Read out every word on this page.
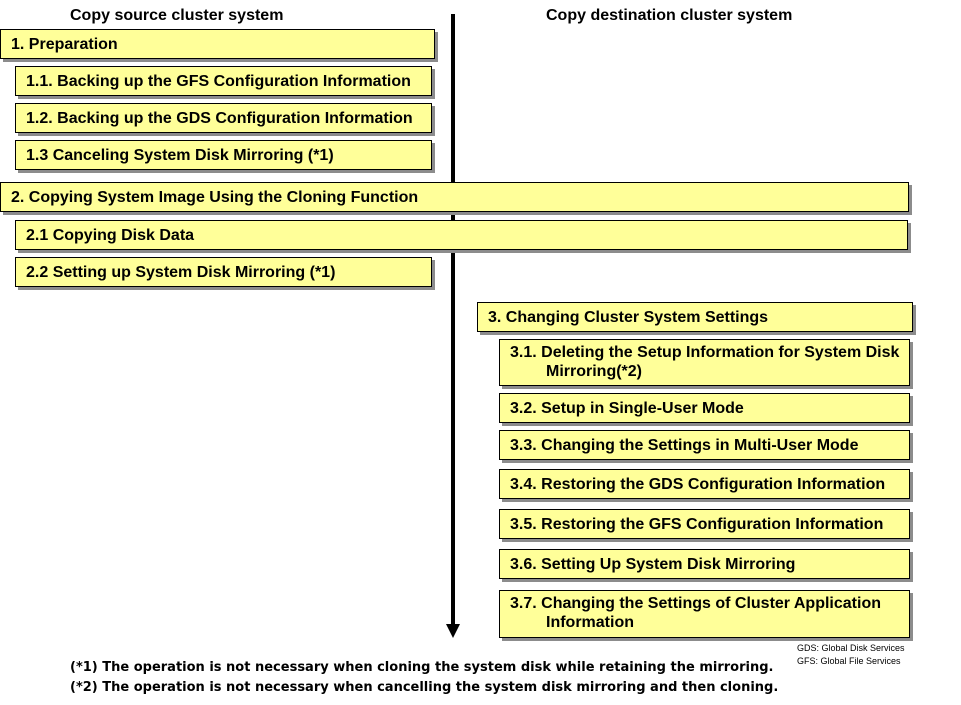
Copy source cluster system	Copy destination cluster system
1. Preparation
1.1. Backing up the GFS Configuration Information
1.2. Backing up the GDS Configuration Information
1.3 Canceling System Disk Mirroring (*1)
2. Copying System Image Using the Cloning Function
2.1 Copying Disk Data
2.2 Setting up System Disk Mirroring (*1)
3. Changing Cluster System Settings
3.1. Deleting the Setup Information for System Disk
Mirroring(*2)
3.2. Setup in Single-User Mode
3.3. Changing the Settings in Multi-User Mode
3.4. Restoring the GDS Configuration Information
3.5. Restoring the GFS Configuration Information
3.6. Setting Up System Disk Mirroring
3.7. Changing the Settings of Cluster Application
Information
GDS: Global Disk Services
GFS: Global File Services
(*1) The operation is not necessary when cloning the system disk while retaining the mirroring.
(*2) The operation is not necessary when cancelling the system disk mirroring and then cloning.
